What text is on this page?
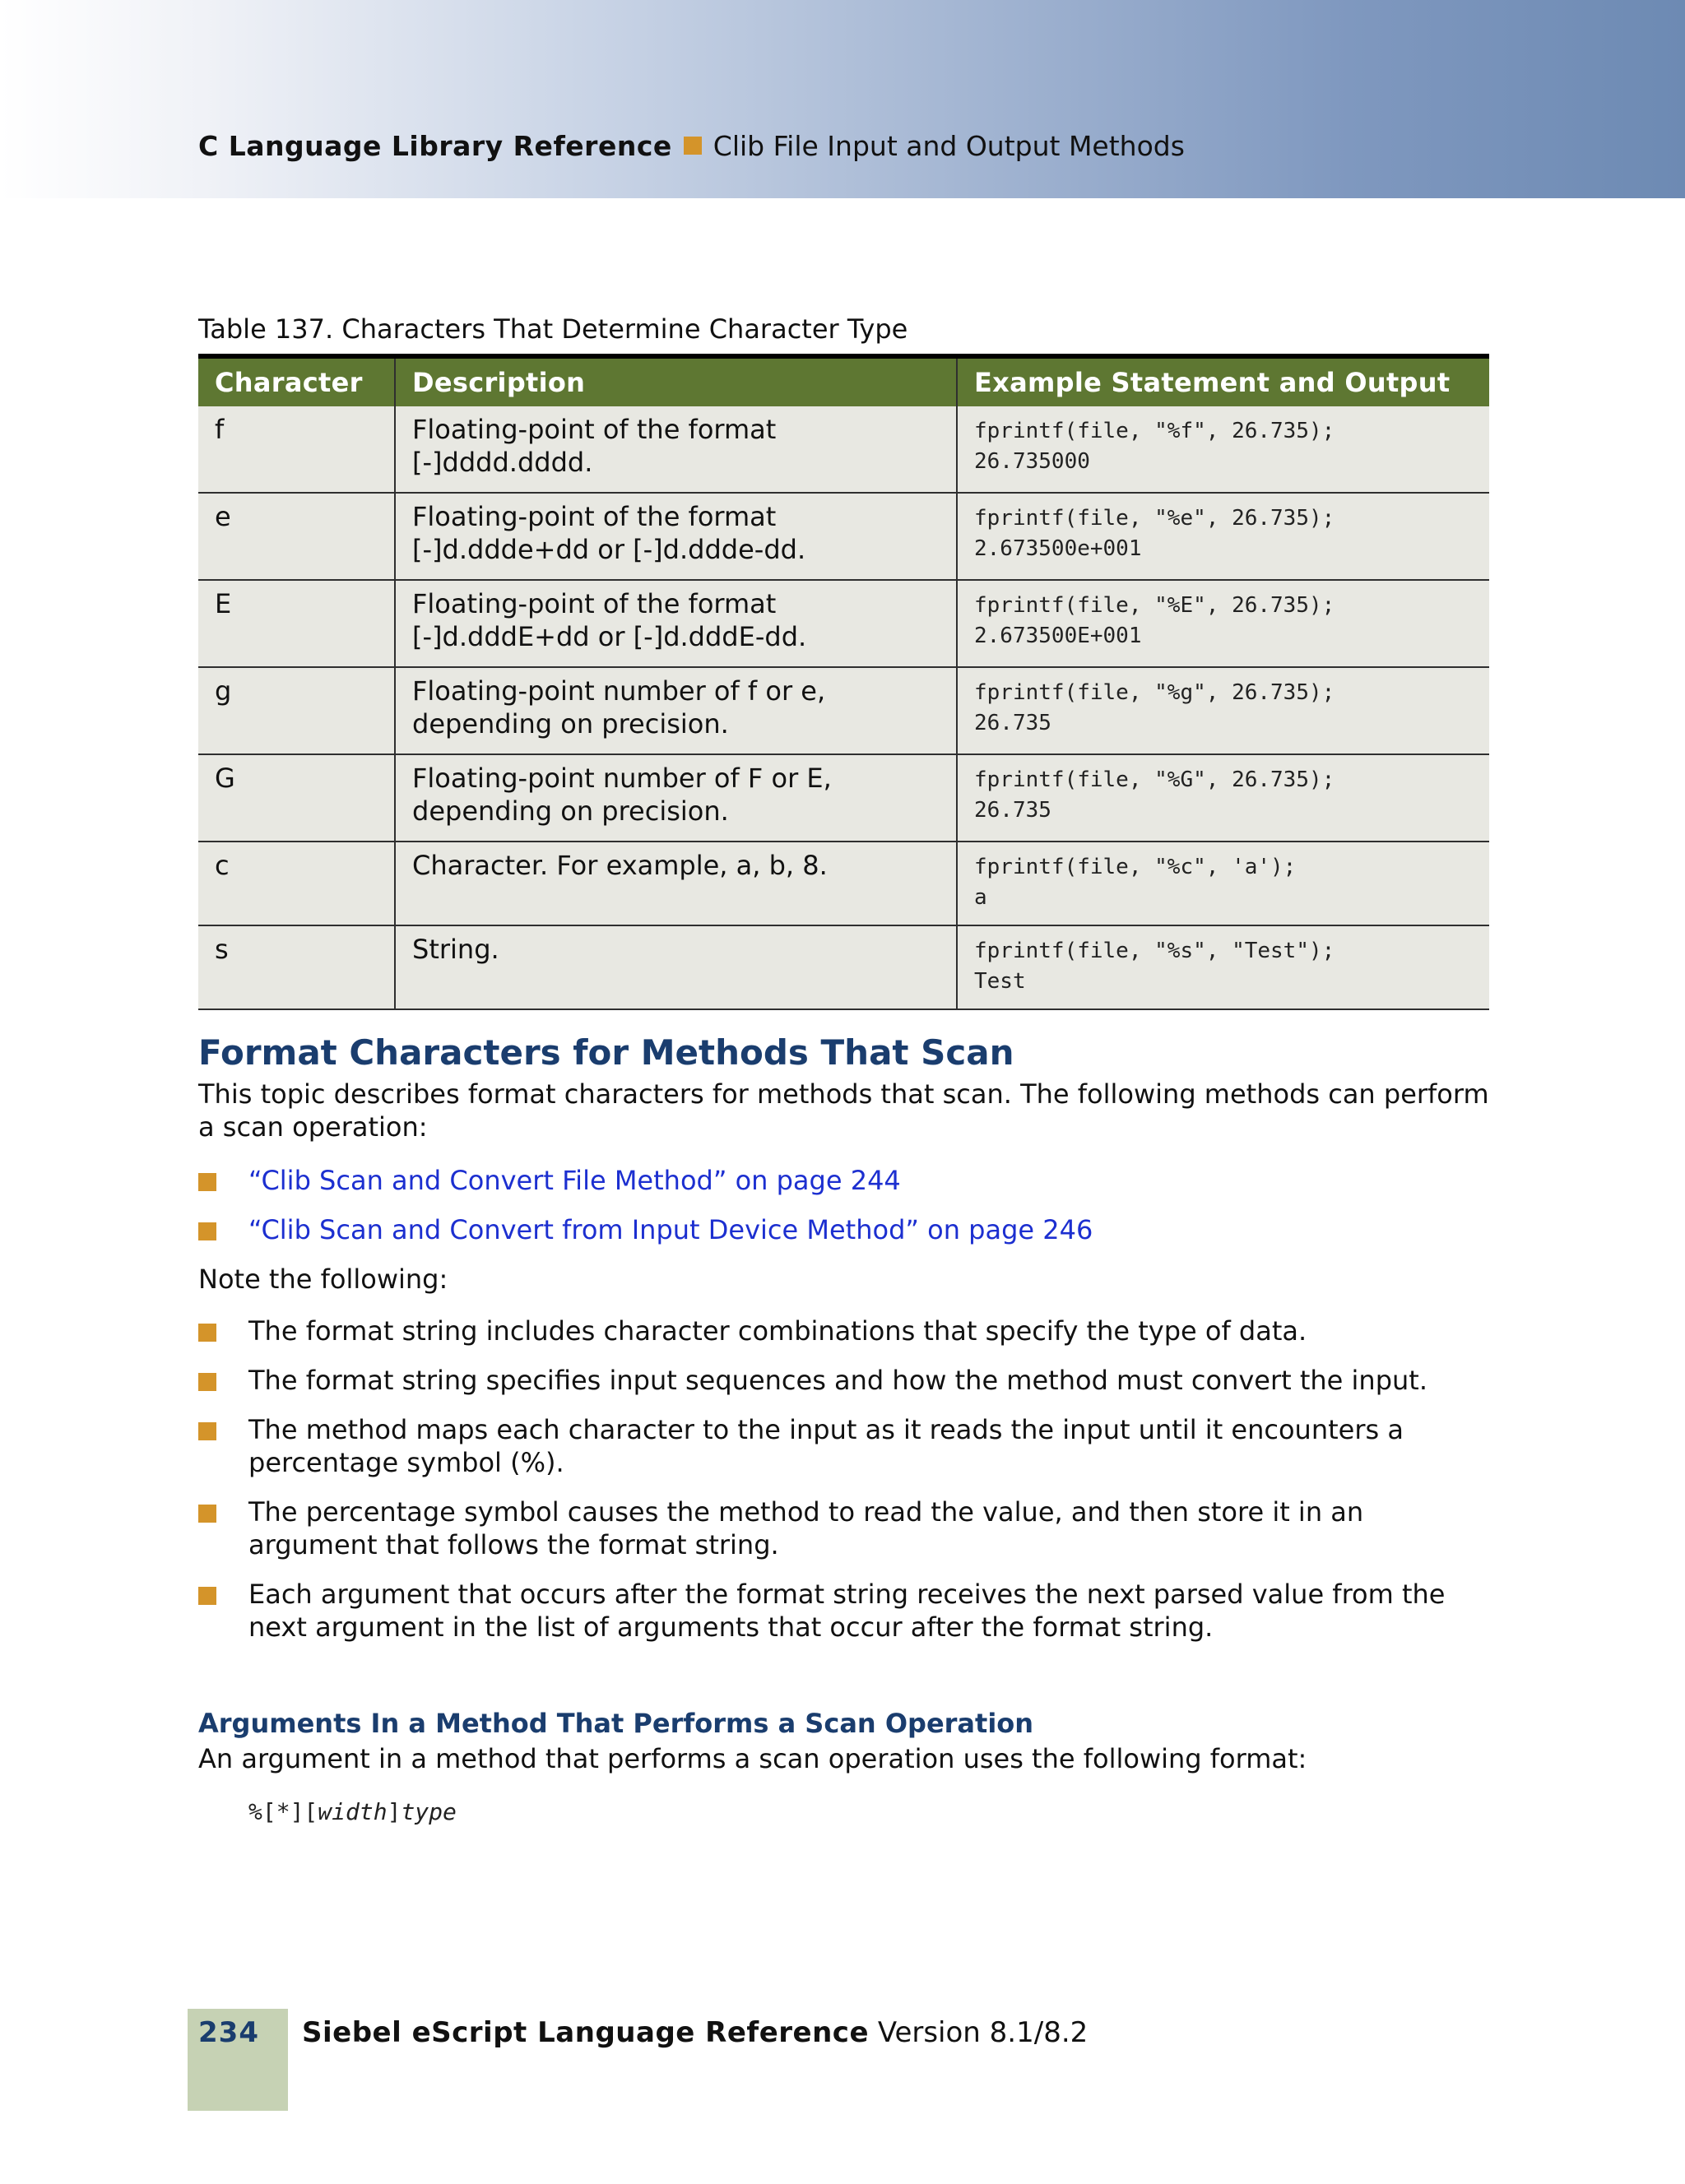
C Language Library Reference Clib File Input and Output Methods
Table 137. Characters That Determine Character Type
Character	Description	Example Statement and Output
f	Floating-point of the format [-]dddd.dddd.	fprintf(file, "%f", 26.735);
26.735000
e	Floating-point of the format [-]d.ddde+dd or [-]d.ddde-dd.	fprintf(file, "%e", 26.735);
2.673500e+001
E	Floating-point of the format [-]d.dddE+dd or [-]d.dddE-dd.	fprintf(file, "%E", 26.735);
2.673500E+001
g	Floating-point number of f or e, depending on precision.	fprintf(file, "%g", 26.735);
26.735
G	Floating-point number of F or E, depending on precision.	fprintf(file, "%G", 26.735);
26.735
c	Character. For example, a, b, 8.	fprintf(file, "%c", 'a');
a
s	String.	fprintf(file, "%s", "Test");
Test
Format Characters for Methods That Scan
This topic describes format characters for methods that scan. The following methods can perform a scan operation:
“Clib Scan and Convert File Method” on page 244
“Clib Scan and Convert from Input Device Method” on page 246
Note the following:
The format string includes character combinations that specify the type of data.
The format string specifies input sequences and how the method must convert the input.
The method maps each character to the input as it reads the input until it encounters a percentage symbol (%).
The percentage symbol causes the method to read the value, and then store it in an argument that follows the format string.
Each argument that occurs after the format string receives the next parsed value from the next argument in the list of arguments that occur after the format string.
Arguments In a Method That Performs a Scan Operation
An argument in a method that performs a scan operation uses the following format:
%[*][width]type
234 Siebel eScript Language Reference Version 8.1/8.2
